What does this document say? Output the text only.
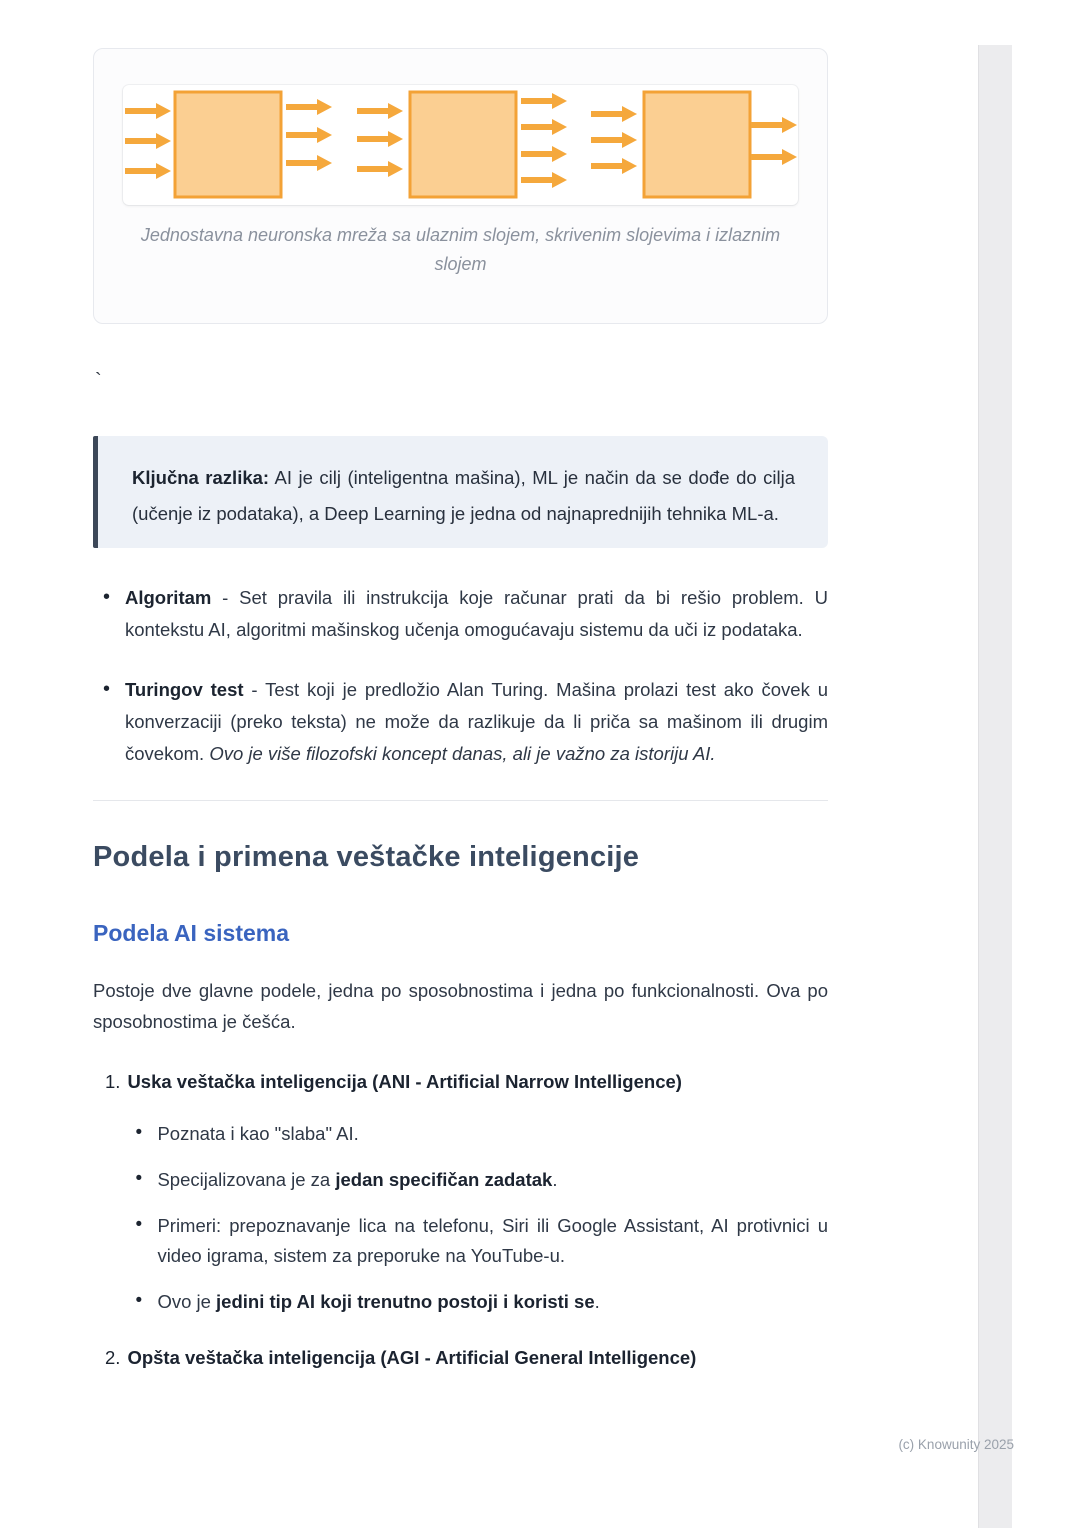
Jednostavna neuronska mreža sa ulaznim slojem, skrivenim slojevima i izlaznim slojem
`

Ključna razlika: AI je cilj (inteligentna mašina), ML je način da se dođe do cilja (učenje iz podataka), a Deep Learning je jedna od najnaprednijih tehnika ML-a.

• Algoritam - Set pravila ili instrukcija koje računar prati da bi rešio problem. U kontekstu AI, algoritmi mašinskog učenja omogućavaju sistemu da uči iz podataka.
• Turingov test - Test koji je predložio Alan Turing. Mašina prolazi test ako čovek u konverzaciji (preko teksta) ne može da razlikuje da li priča sa mašinom ili drugim čovekom. Ovo je više filozofski koncept danas, ali je važno za istoriju AI.
Podela i primena veštačke inteligencije
Podela AI sistema

Postoje dve glavne podele, jedna po sposobnostima i jedna po funkcionalnosti. Ova po sposobnostima je češća.

1. Uska veštačka inteligencija (ANI - Artificial Narrow Intelligence)
• Poznata i kao "slaba" AI.
• Specijalizovana je za jedan specifičan zadatak.
• Primeri: prepoznavanje lica na telefonu, Siri ili Google Assistant, AI protivnici u video igrama, sistem za preporuke na YouTube-u.
• Ovo je jedini tip AI koji trenutno postoji i koristi se.
2. Opšta veštačka inteligencija (AGI - Artificial General Intelligence)
(c) Knowunity 2025
